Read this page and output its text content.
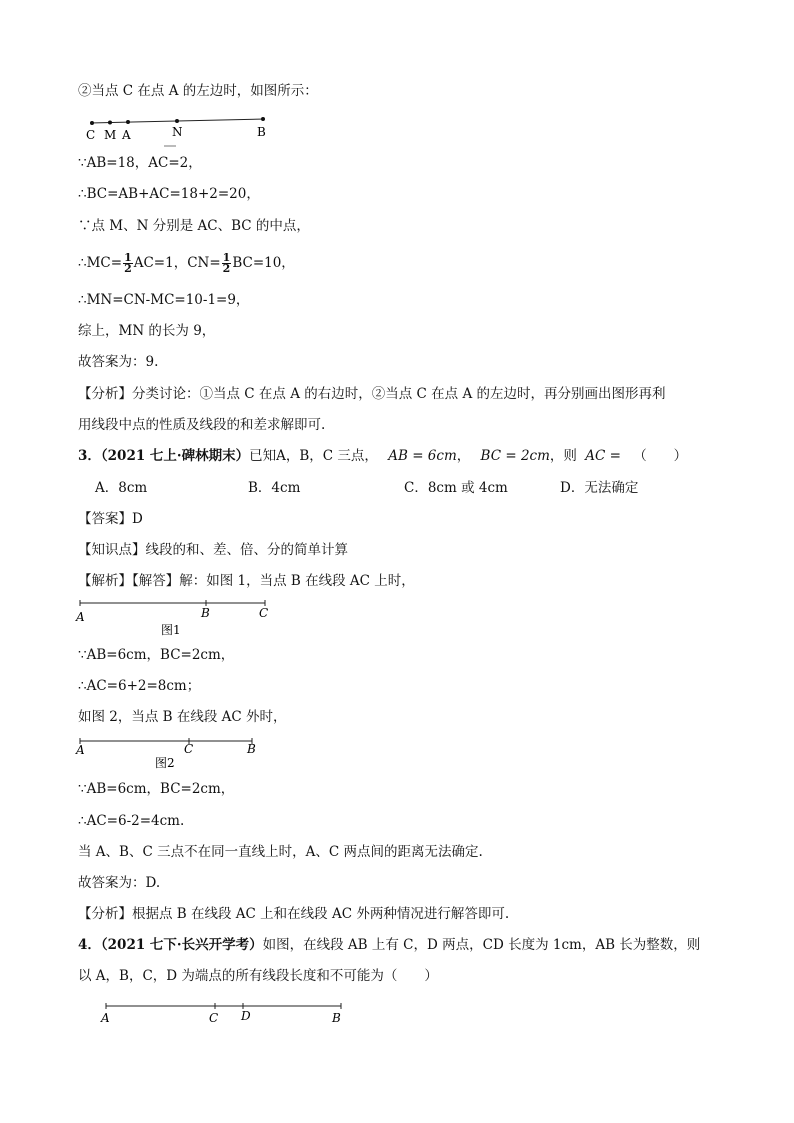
②当点 C 在点 A 的左边时，如图所示：
C M A	N	B
∵AB=18，AC=2，
∴BC=AB+AC=18+2=20，
∵点 M、N 分别是 AC、BC 的中点，
∴MC= $\frac{1}{2} AC=1$，$CN= \frac{1}{2} BC=10$，
∴MN=CN-MC=10-1=9，
综上，MN 的长为 9，
故答案为：9.
【分析】分类讨论：①当点 C 在点 A 的右边时，②当点 C 在点 A 的左边时，再分别画出图形再利
用线段中点的性质及线段的和差求解即可.
3．（2021 七上·碑林期末）已知A，B，C 三点， AB = 6cm， BC = 2cm，则 AC = （　　）
A．8cm	B．4cm	C．8cm 或 4cm	D．无法确定
【答案】D
【知识点】线段的和、差、倍、分的简单计算
【解析】【解答】解：如图 1，当点 B 在线段 AC 上时，
A	B	C
图1
∵AB=6cm，BC=2cm，
∴AC=6+2=8cm；
如图 2，当点 B 在线段 AC 外时，
A	C	B
图2
∵AB=6cm，BC=2cm，
∴AC=6-2=4cm.
当 A、B、C 三点不在同一直线上时，A、C 两点间的距离无法确定.
故答案为：D.
【分析】根据点 B 在线段 AC 上和在线段 AC 外两种情况进行解答即可.
4．（2021 七下·长兴开学考）如图，在线段 AB 上有 C，D 两点，CD 长度为 1cm，AB 长为整数，则
以 A，B，C，D 为端点的所有线段长度和不可能为（　　）
A	C D	B
